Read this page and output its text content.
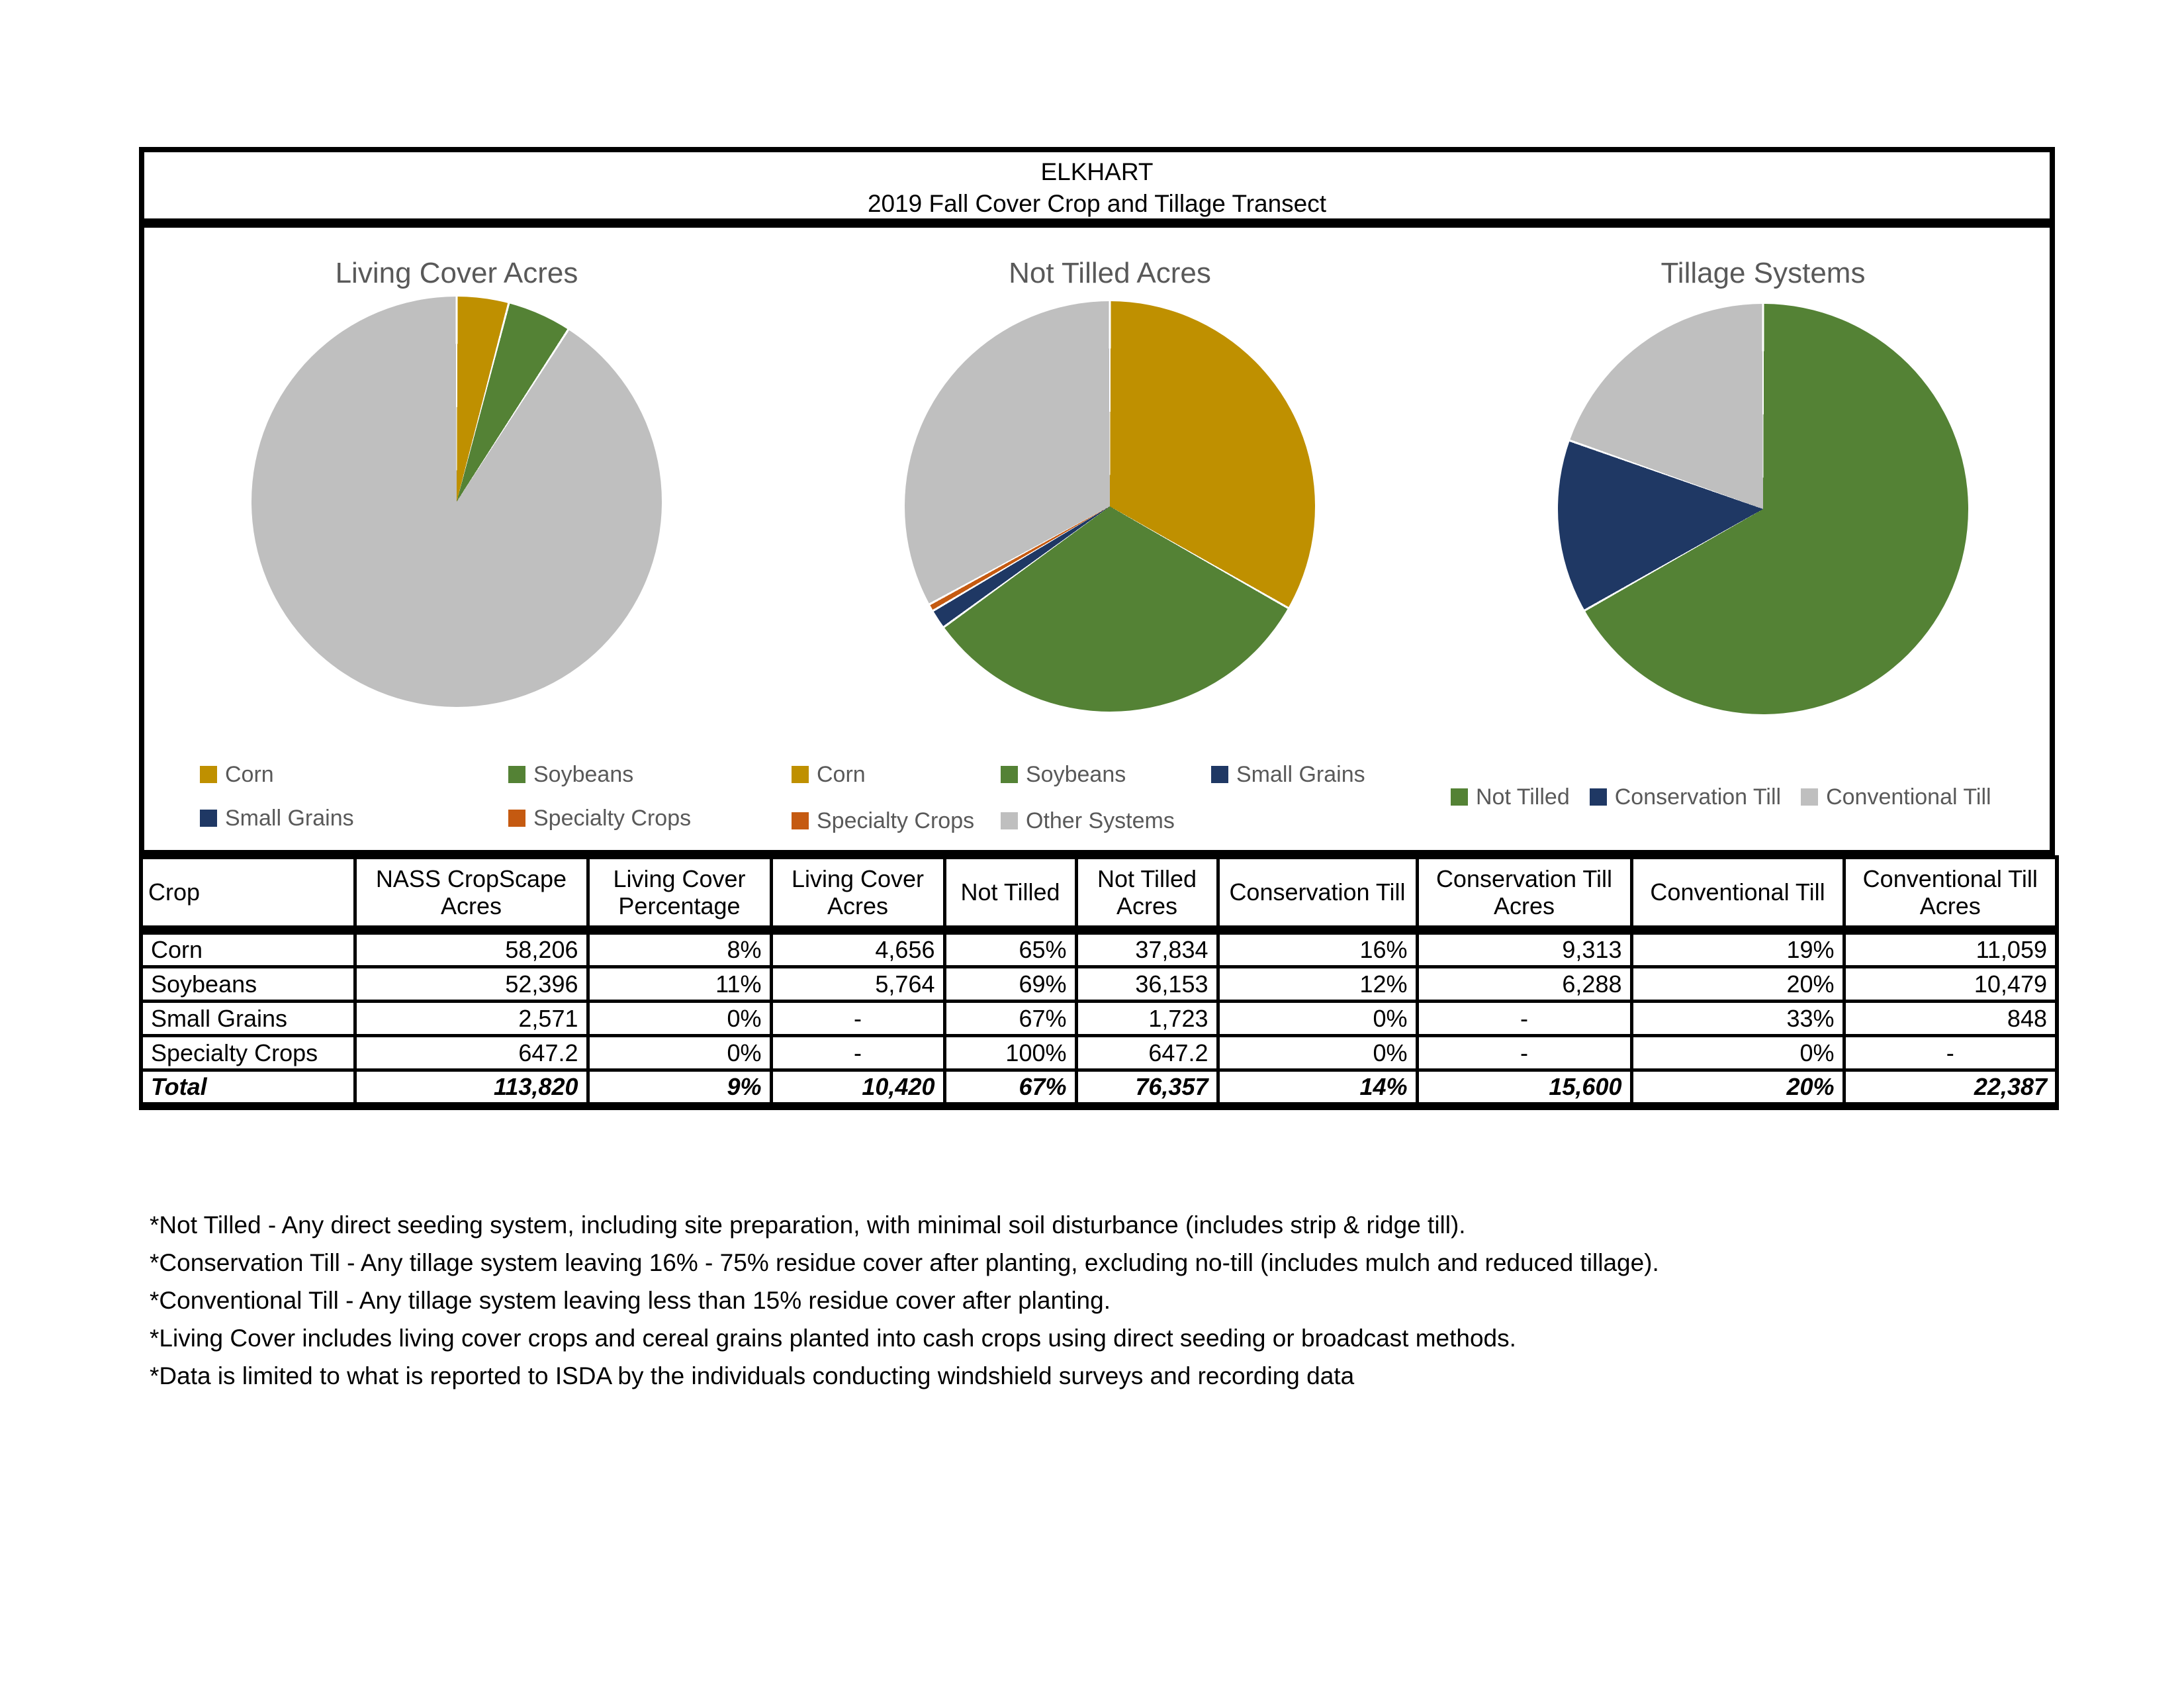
ELKHART
2019 Fall Cover Crop and Tillage Transect
Living Cover Acres	Not Tilled Acres	Tillage Systems
Corn	Soybeans
Small Grains	Specialty Crops
Corn	Soybeans	Small Grains
Specialty Crops Other Systems
Not Tilled Conservation Till Conventional Till
Crop	NASS CropScape Acres	Living Cover Percentage	Living Cover Acres	Not Tilled	Not Tilled Acres	Conservation Till	Conservation Till Acres	Conventional Till	Conventional Till Acres
Corn	58,206	8%	4,656	65%	37,834	16%	9,313	19%	11,059
Soybeans	52,396	11%	5,764	69%	36,153	12%	6,288	20%	10,479
Small Grains	2,571	0%	-	67%	1,723	0%	-	33%	848
Specialty Crops	647.2	0%	-	100%	647.2	0%	-	0%	-
Total	113,820	9%	10,420	67%	76,357	14%	15,600	20%	22,387
*Not Tilled - Any direct seeding system, including site preparation, with minimal soil disturbance (includes strip & ridge till).
*Conservation Till - Any tillage system leaving 16% - 75% residue cover after planting, excluding no-till (includes mulch and reduced tillage).
*Conventional Till - Any tillage system leaving less than 15% residue cover after planting.
*Living Cover includes living cover crops and cereal grains planted into cash crops using direct seeding or broadcast methods.
*Data is limited to what is reported to ISDA by the individuals conducting windshield surveys and recording data
